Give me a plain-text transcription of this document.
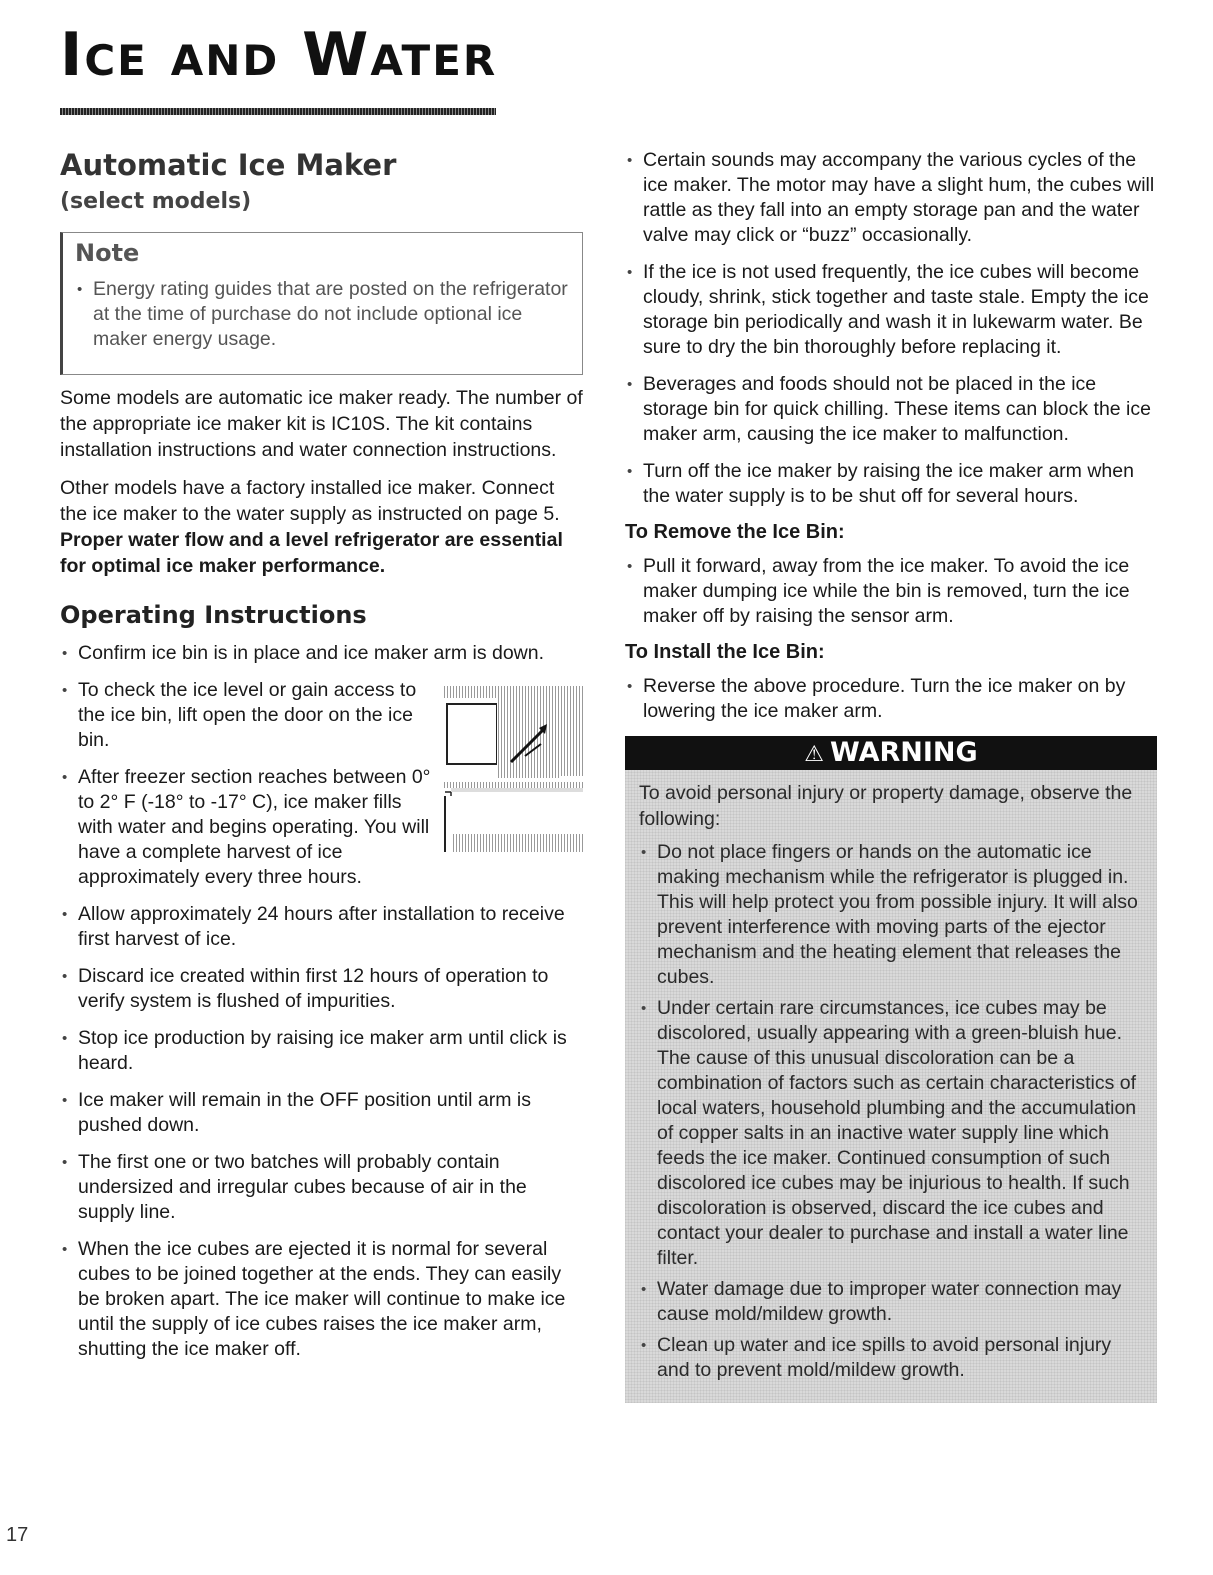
Ice and Water
Automatic Ice Maker
(select models)
Note
• Energy rating guides that are posted on the refrigerator at the time of purchase do not include optional ice maker energy usage.

Some models are automatic ice maker ready. The number of the appropriate ice maker kit is IC10S. The kit contains installation instructions and water connection instructions.

Other models have a factory installed ice maker. Connect the ice maker to the water supply as instructed on page 5. Proper water flow and a level refrigerator are essential for optimal ice maker performance.

Operating Instructions
• Confirm ice bin is in place and ice maker arm is down.
• To check the ice level or gain access to the ice bin, lift open the door on the ice bin.
• After freezer section reaches between 0° to 2° F (-18° to -17° C), ice maker fills with water and begins operating. You will have a complete harvest of ice approximately every three hours.
• Allow approximately 24 hours after installation to receive first harvest of ice.
• Discard ice created within first 12 hours of operation to verify system is flushed of impurities.
• Stop ice production by raising ice maker arm until click is heard.
• Ice maker will remain in the OFF position until arm is pushed down.
• The first one or two batches will probably contain undersized and irregular cubes because of air in the supply line.
• When the ice cubes are ejected it is normal for several cubes to be joined together at the ends. They can easily be broken apart. The ice maker will continue to make ice until the supply of ice cubes raises the ice maker arm, shutting the ice maker off.
• Certain sounds may accompany the various cycles of the ice maker. The motor may have a slight hum, the cubes will rattle as they fall into an empty storage pan and the water valve may click or “buzz” occasionally.
• If the ice is not used frequently, the ice cubes will become cloudy, shrink, stick together and taste stale. Empty the ice storage bin periodically and wash it in lukewarm water. Be sure to dry the bin thoroughly before replacing it.
• Beverages and foods should not be placed in the ice storage bin for quick chilling. These items can block the ice maker arm, causing the ice maker to malfunction.
• Turn off the ice maker by raising the ice maker arm when the water supply is to be shut off for several hours.
To Remove the Ice Bin:
• Pull it forward, away from the ice maker. To avoid the ice maker dumping ice while the bin is removed, turn the ice maker off by raising the sensor arm.
To Install the Ice Bin:
• Reverse the above procedure. Turn the ice maker on by lowering the ice maker arm.
⚠ WARNING

To avoid personal injury or property damage, observe the following:

• Do not place fingers or hands on the automatic ice making mechanism while the refrigerator is plugged in. This will help protect you from possible injury. It will also prevent interference with moving parts of the ejector mechanism and the heating element that releases the cubes.
• Under certain rare circumstances, ice cubes may be discolored, usually appearing with a green-bluish hue. The cause of this unusual discoloration can be a combination of factors such as certain characteristics of local waters, household plumbing and the accumulation of copper salts in an inactive water supply line which feeds the ice maker. Continued consumption of such discolored ice cubes may be injurious to health. If such discoloration is observed, discard the ice cubes and contact your dealer to purchase and install a water line filter.
• Water damage due to improper water connection may cause mold/mildew growth.
• Clean up water and ice spills to avoid personal injury and to prevent mold/mildew growth.
17
